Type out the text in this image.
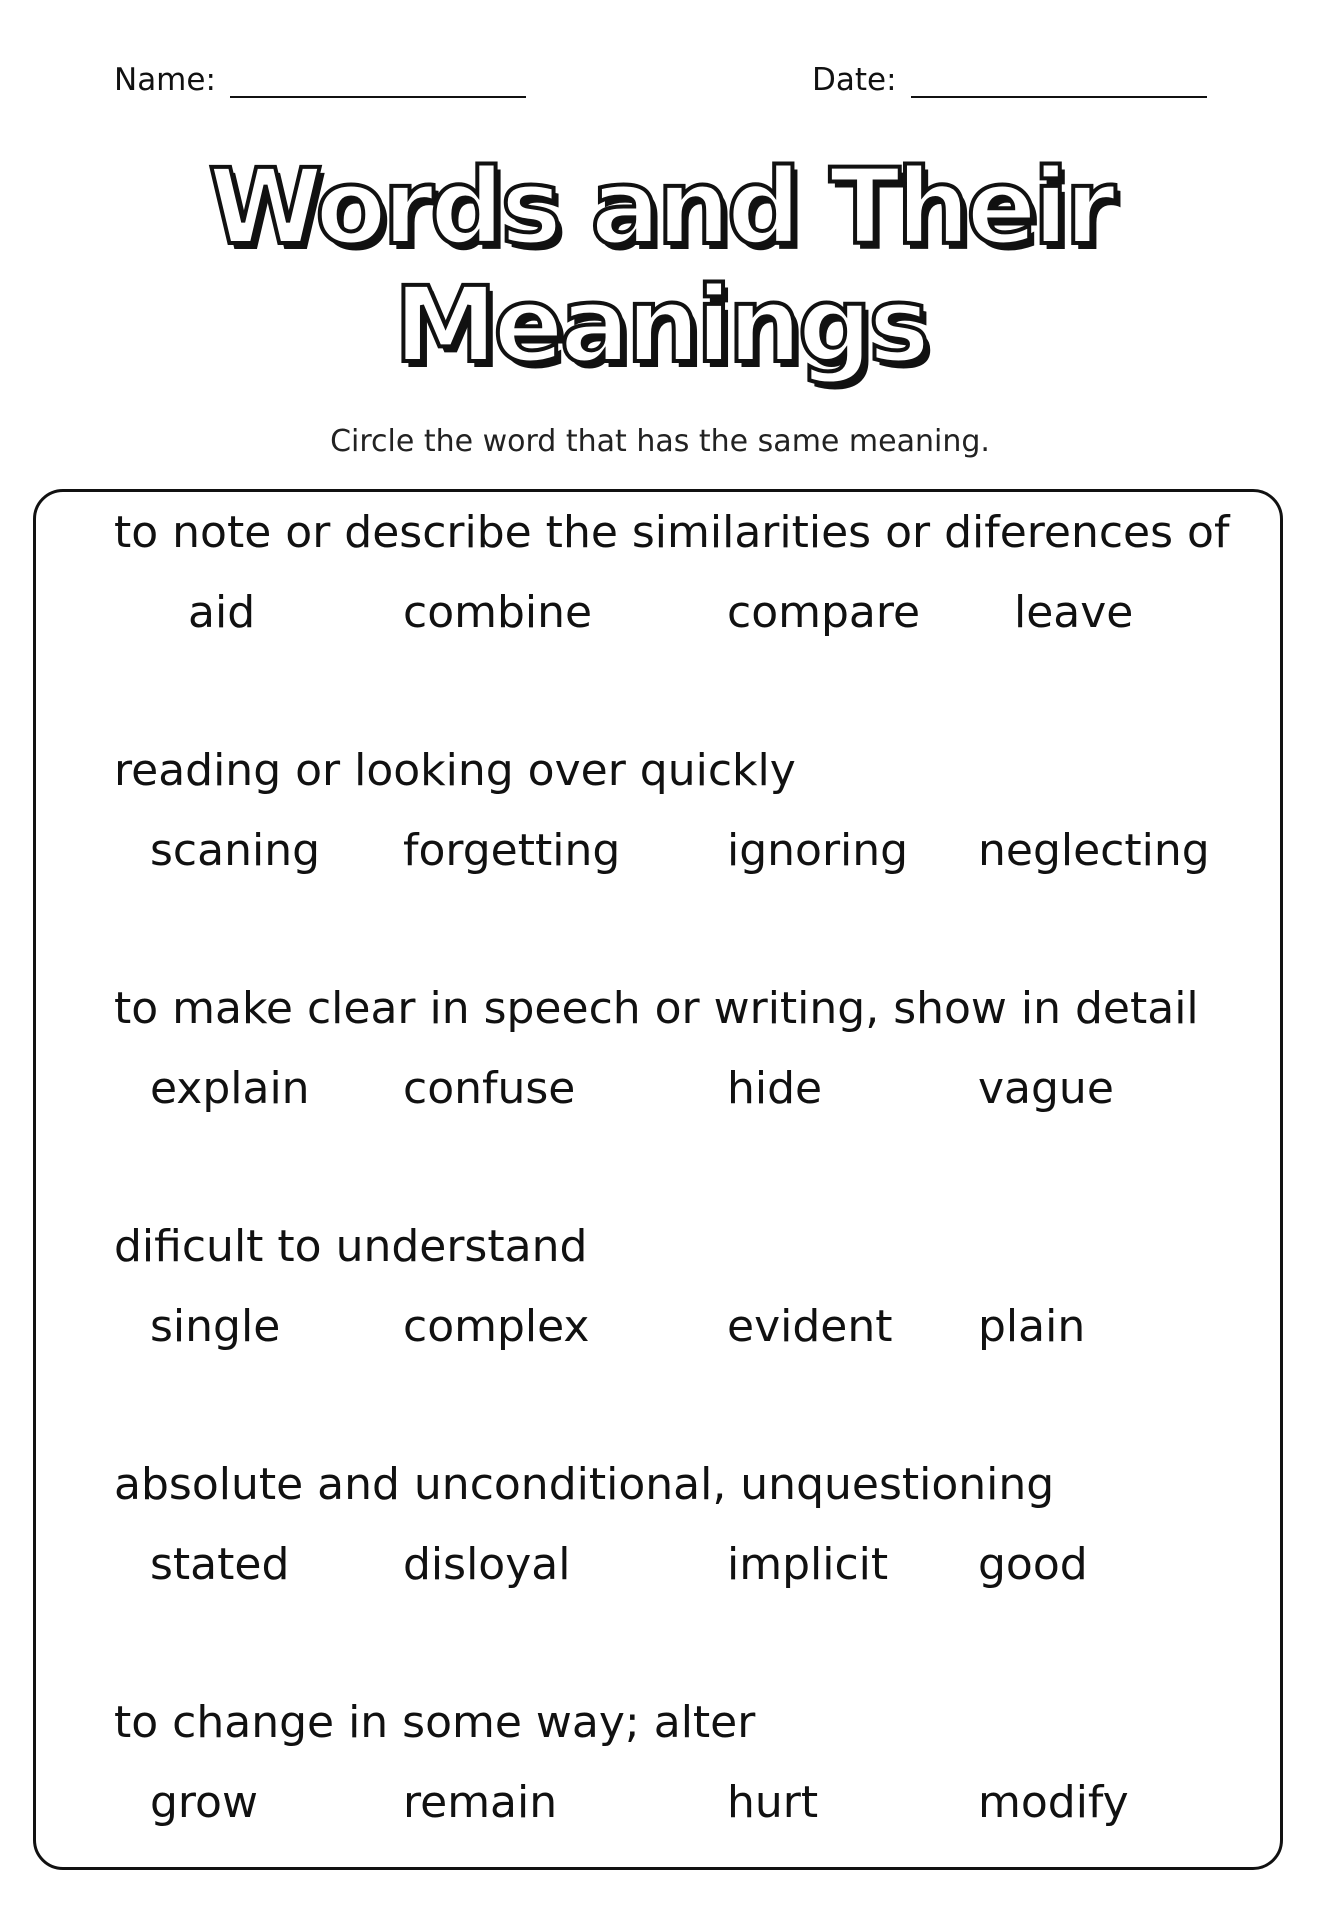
Name:	Date:
Words and Their
Meanings
Circle the word that has the same meaning.
to note or describe the similarities or diferences of
aid	combine	compare leave
reading or looking over quickly
scaning forgetting ignoring neglecting
to make clear in speech or writing, show in detail
explain confuse	hide	vague
dificult to understand
single	complex	evident plain
absolute and unconditional, unquestioning
stated	disloyal	implicit good
to change in some way; alter
grow	remain	hurt	modify
